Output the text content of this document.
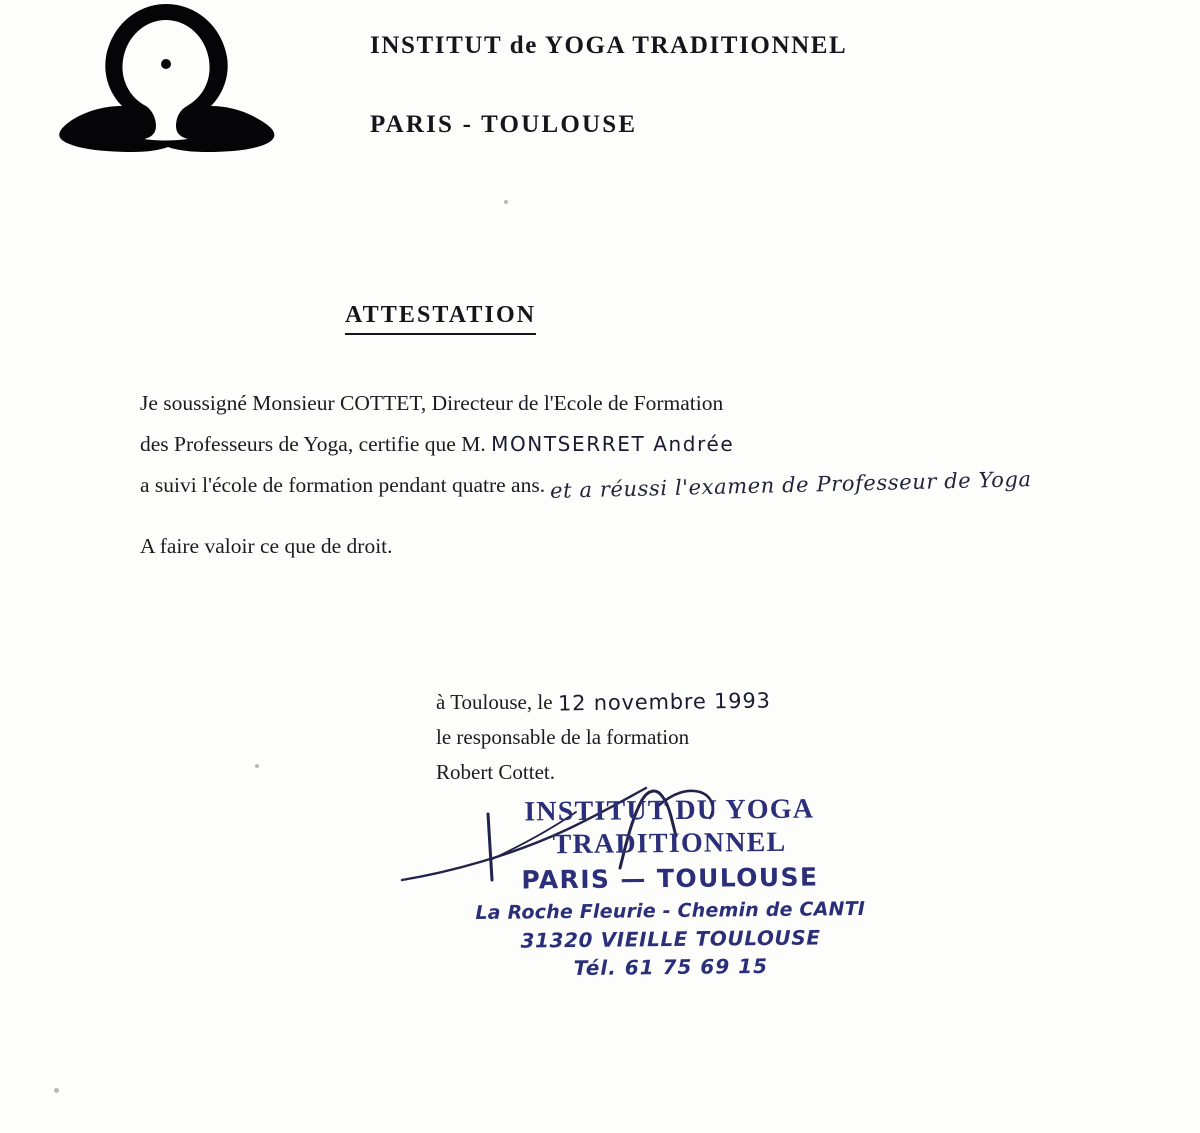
INSTITUT de YOGA TRADITIONNEL
PARIS - TOULOUSE
ATTESTATION
Je soussigné Monsieur COTTET, Directeur de l'Ecole de Formation
des Professeurs de Yoga, certifie que M. MONTSERRET Andrée
a suivi l'école de formation pendant quatre ans. et a réussi l'examen de Professeur de Yoga
A faire valoir ce que de droit.
à Toulouse, le 12 novembre 1993
le responsable de la formation
Robert Cottet.
INSTITUT DU YOGA
TRADITIONNEL
PARIS — TOULOUSE
La Roche Fleurie - Chemin de CANTI
31320 VIEILLE TOULOUSE
Tél. 61 75 69 15
